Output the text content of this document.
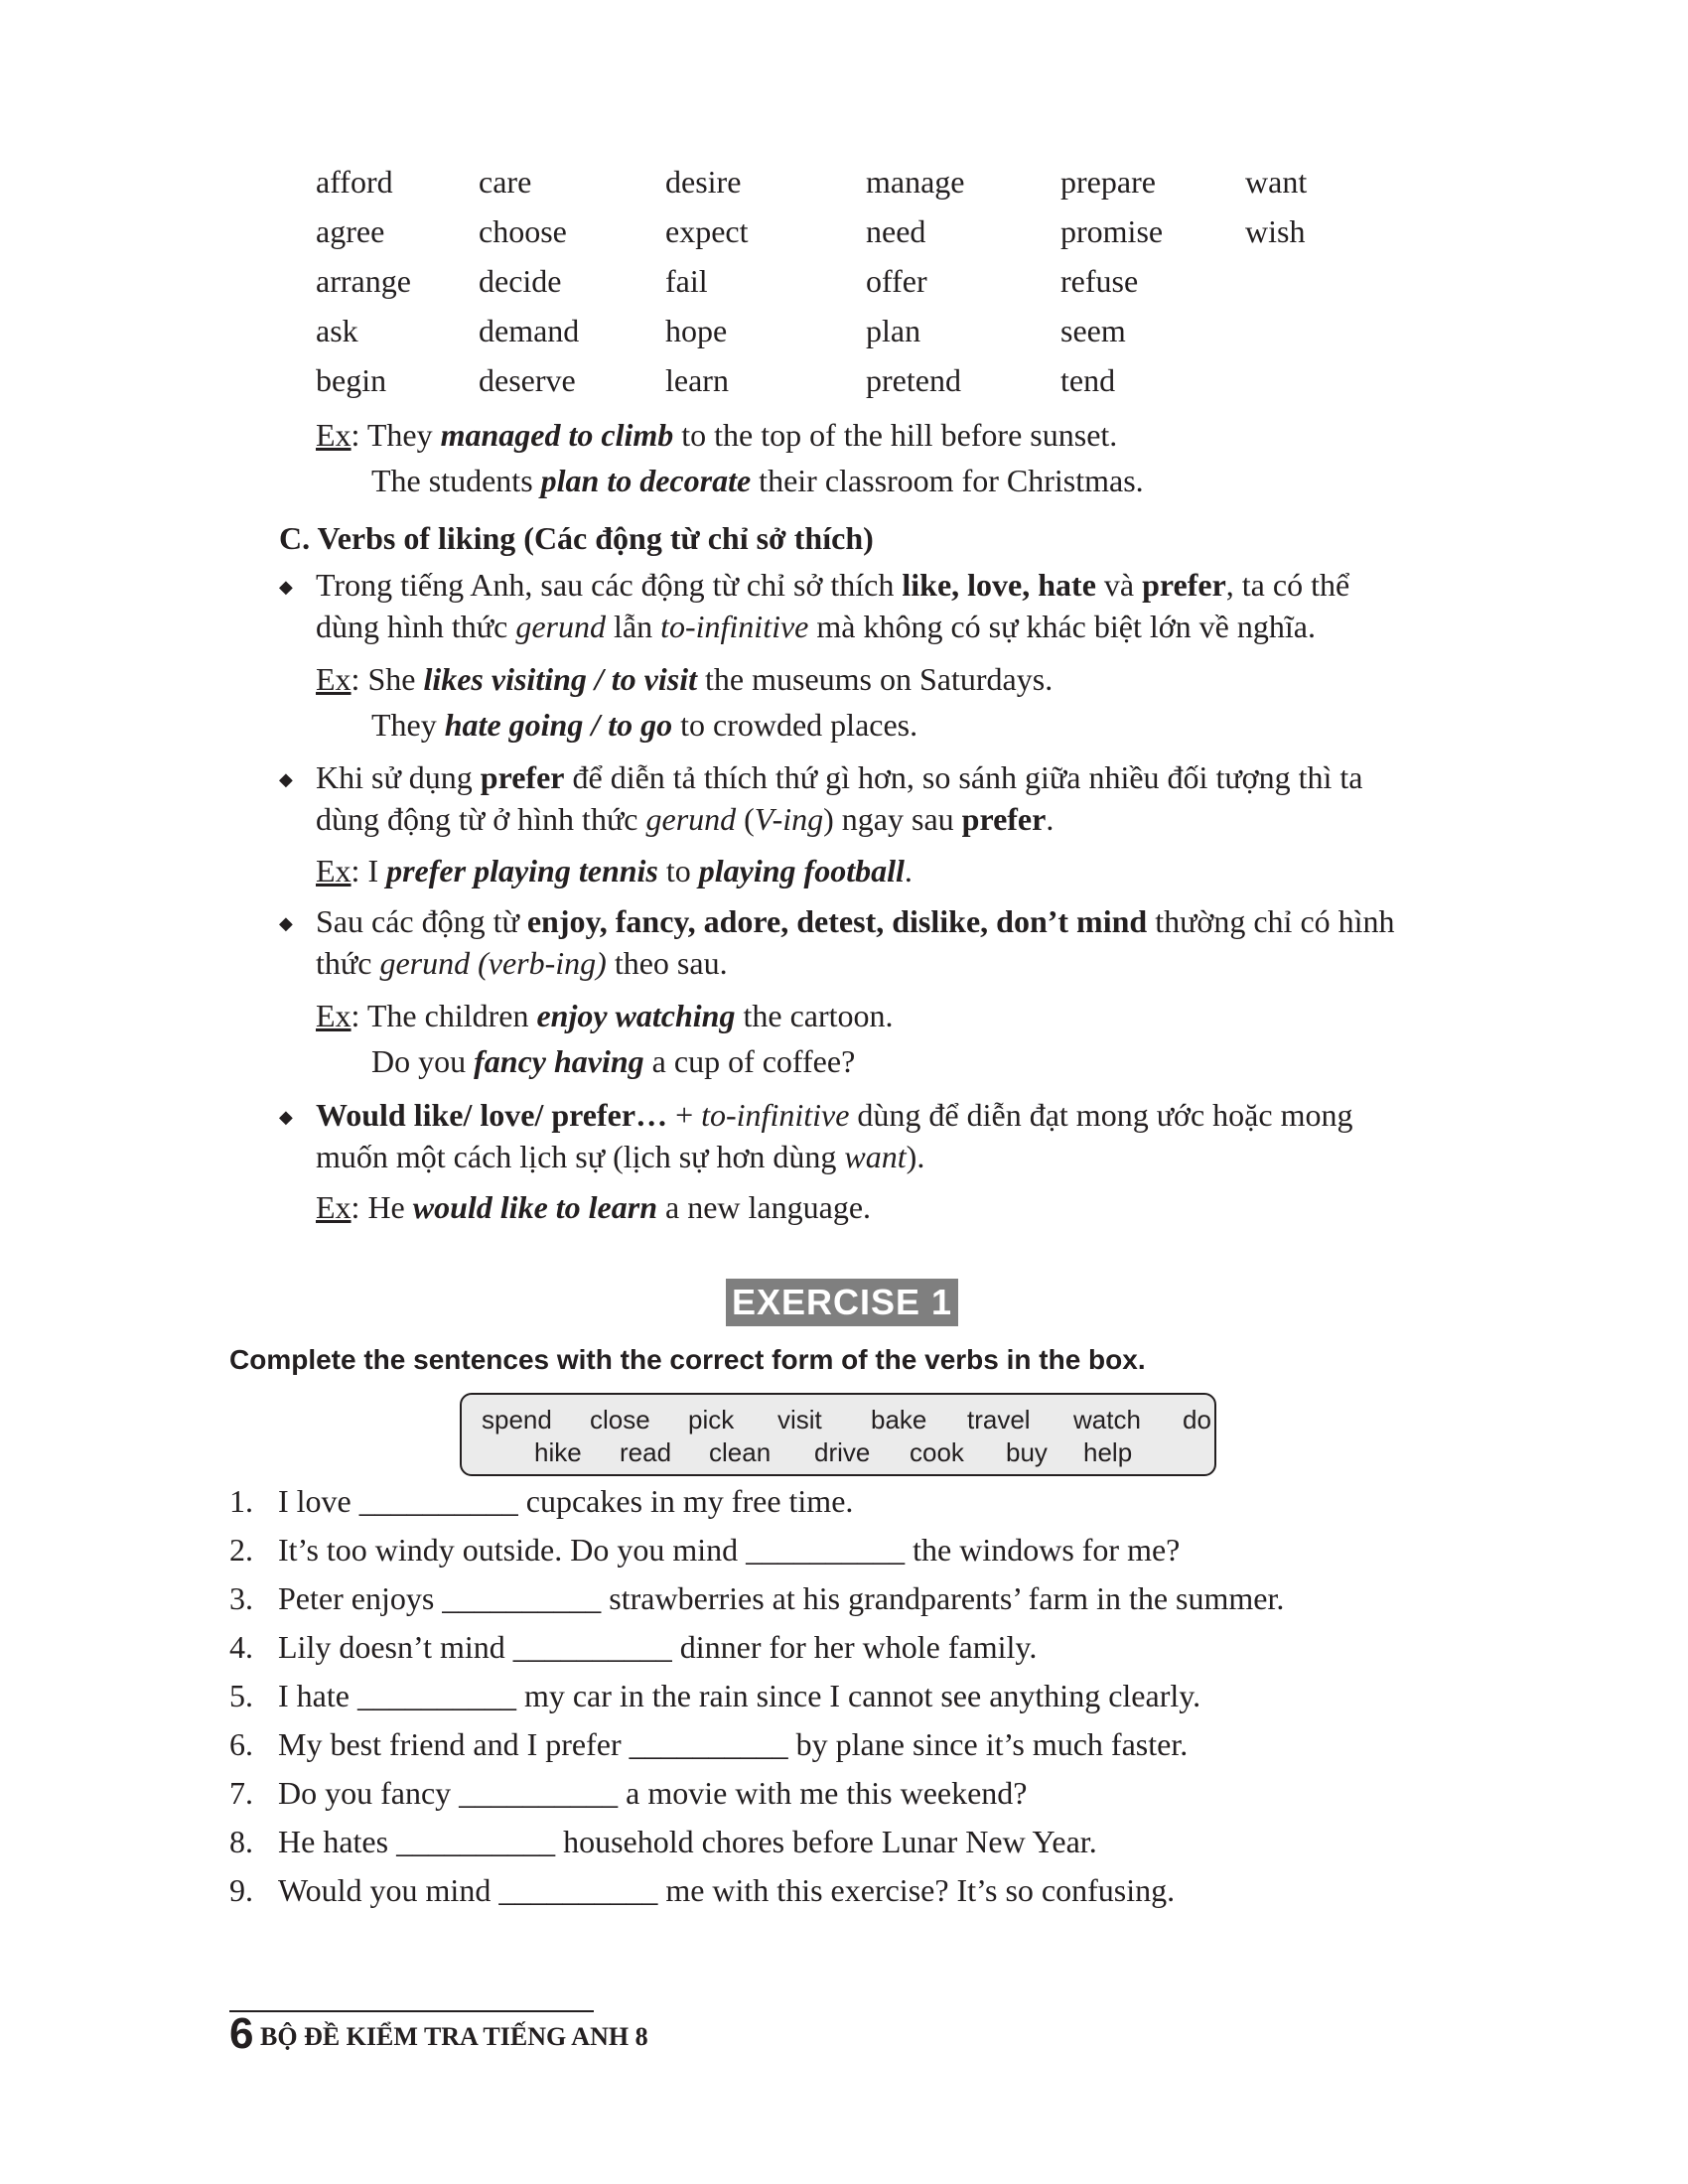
afford	care	desire	manage	prepare	want
agree	choose	expect	need	promise	wish
arrange decide	fail	offer	refuse
ask	demand	hope	plan	seem
begin	deserve	learn	pretend	tend
Ex: They managed to climb to the top of the hill before sunset.
The students plan to decorate their classroom for Christmas.
C. Verbs of liking (Các động từ chỉ sở thích)
◆ Trong tiếng Anh, sau các động từ chỉ sở thích like, love, hate và prefer, ta có thể
dùng hình thức gerund lẫn to-infinitive mà không có sự khác biệt lớn về nghĩa.
Ex: She likes visiting / to visit the museums on Saturdays.
They hate going / to go to crowded places.
◆ Khi sử dụng prefer để diễn tả thích thứ gì hơn, so sánh giữa nhiều đối tượng thì ta
dùng động từ ở hình thức gerund (V-ing) ngay sau prefer.
Ex: I prefer playing tennis to playing football.
◆ Sau các động từ enjoy, fancy, adore, detest, dislike, don’t mind thường chỉ có hình
thức gerund (verb-ing) theo sau.
Ex: The children enjoy watching the cartoon.
Do you fancy having a cup of coffee?
◆ Would like/ love/ prefer… + to-infinitive dùng để diễn đạt mong ước hoặc mong
muốn một cách lịch sự (lịch sự hơn dùng want).
Ex: He would like to learn a new language.
EXERCISE 1
Complete the sentences with the correct form of the verbs in the box.
spend close pick visit bake travel watch do
hike read clean drive cook buy help
1. I love __________ cupcakes in my free time.
2. It’s too windy outside. Do you mind __________ the windows for me?
3. Peter enjoys __________ strawberries at his grandparents’ farm in the summer.
4. Lily doesn’t mind __________ dinner for her whole family.
5. I hate __________ my car in the rain since I cannot see anything clearly.
6. My best friend and I prefer __________ by plane since it’s much faster.
7. Do you fancy __________ a movie with me this weekend?
8. He hates __________ household chores before Lunar New Year.
9. Would you mind __________ me with this exercise? It’s so confusing.
6 BỘ ĐỀ KIỂM TRA TIẾNG ANH 8
